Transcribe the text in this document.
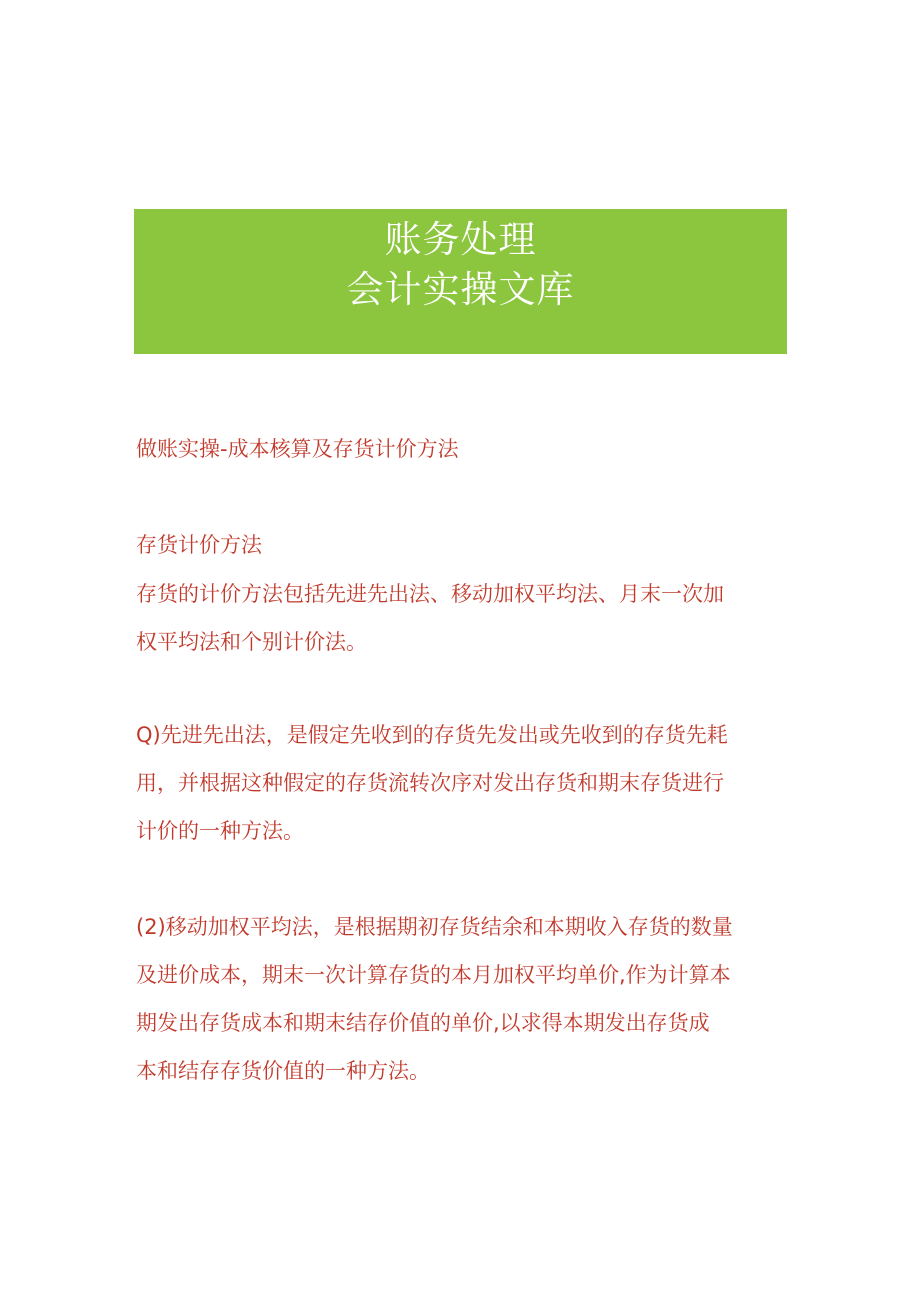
账务处理
会计实操文库
做账实操-成本核算及存货计价方法
存货计价方法
存货的计价方法包括先进先出法、移动加权平均法、月末一次加
权平均法和个别计价法。
Q)先进先出法，是假定先收到的存货先发出或先收到的存货先耗
用，并根据这种假定的存货流转次序对发出存货和期末存货进行
计价的一种方法。
(2)移动加权平均法，是根据期初存货结余和本期收入存货的数量
及进价成本，期末一次计算存货的本月加权平均单价,作为计算本
期发出存货成本和期末结存价值的单价,以求得本期发出存货成
本和结存存货价值的一种方法。
